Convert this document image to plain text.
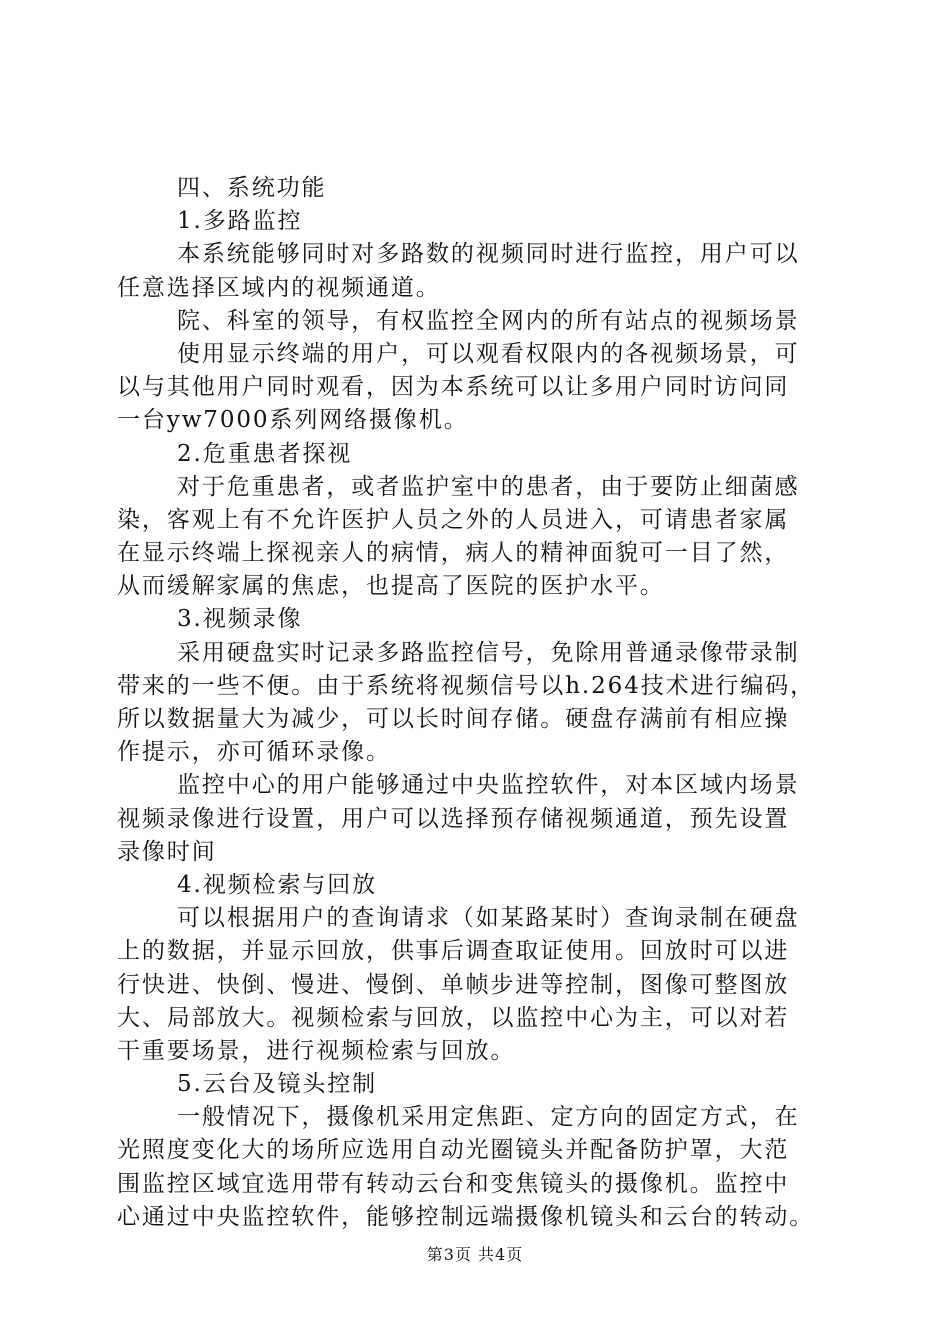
四、系统功能
1.多路监控
本系统能够同时对多路数的视频同时进行监控，用户可以
任意选择区域内的视频通道。
院、科室的领导，有权监控全网内的所有站点的视频场景
使用显示终端的用户，可以观看权限内的各视频场景，可
以与其他用户同时观看，因为本系统可以让多用户同时访问同
一台yw7000系列网络摄像机。
2.危重患者探视
对于危重患者，或者监护室中的患者，由于要防止细菌感
染，客观上有不允许医护人员之外的人员进入，可请患者家属
在显示终端上探视亲人的病情，病人的精神面貌可一目了然，
从而缓解家属的焦虑，也提高了医院的医护水平。
3.视频录像
采用硬盘实时记录多路监控信号，免除用普通录像带录制
带来的一些不便。由于系统将视频信号以h.264技术进行编码，
所以数据量大为减少，可以长时间存储。硬盘存满前有相应操
作提示，亦可循环录像。
监控中心的用户能够通过中央监控软件，对本区域内场景
视频录像进行设置，用户可以选择预存储视频通道，预先设置
录像时间
4.视频检索与回放
可以根据用户的查询请求（如某路某时）查询录制在硬盘
上的数据，并显示回放，供事后调查取证使用。回放时可以进
行快进、快倒、慢进、慢倒、单帧步进等控制，图像可整图放
大、局部放大。视频检索与回放，以监控中心为主，可以对若
干重要场景，进行视频检索与回放。
5.云台及镜头控制
一般情况下，摄像机采用定焦距、定方向的固定方式，在
光照度变化大的场所应选用自动光圈镜头并配备防护罩，大范
围监控区域宜选用带有转动云台和变焦镜头的摄像机。监控中
心通过中央监控软件，能够控制远端摄像机镜头和云台的转动。
第3页 共4页
